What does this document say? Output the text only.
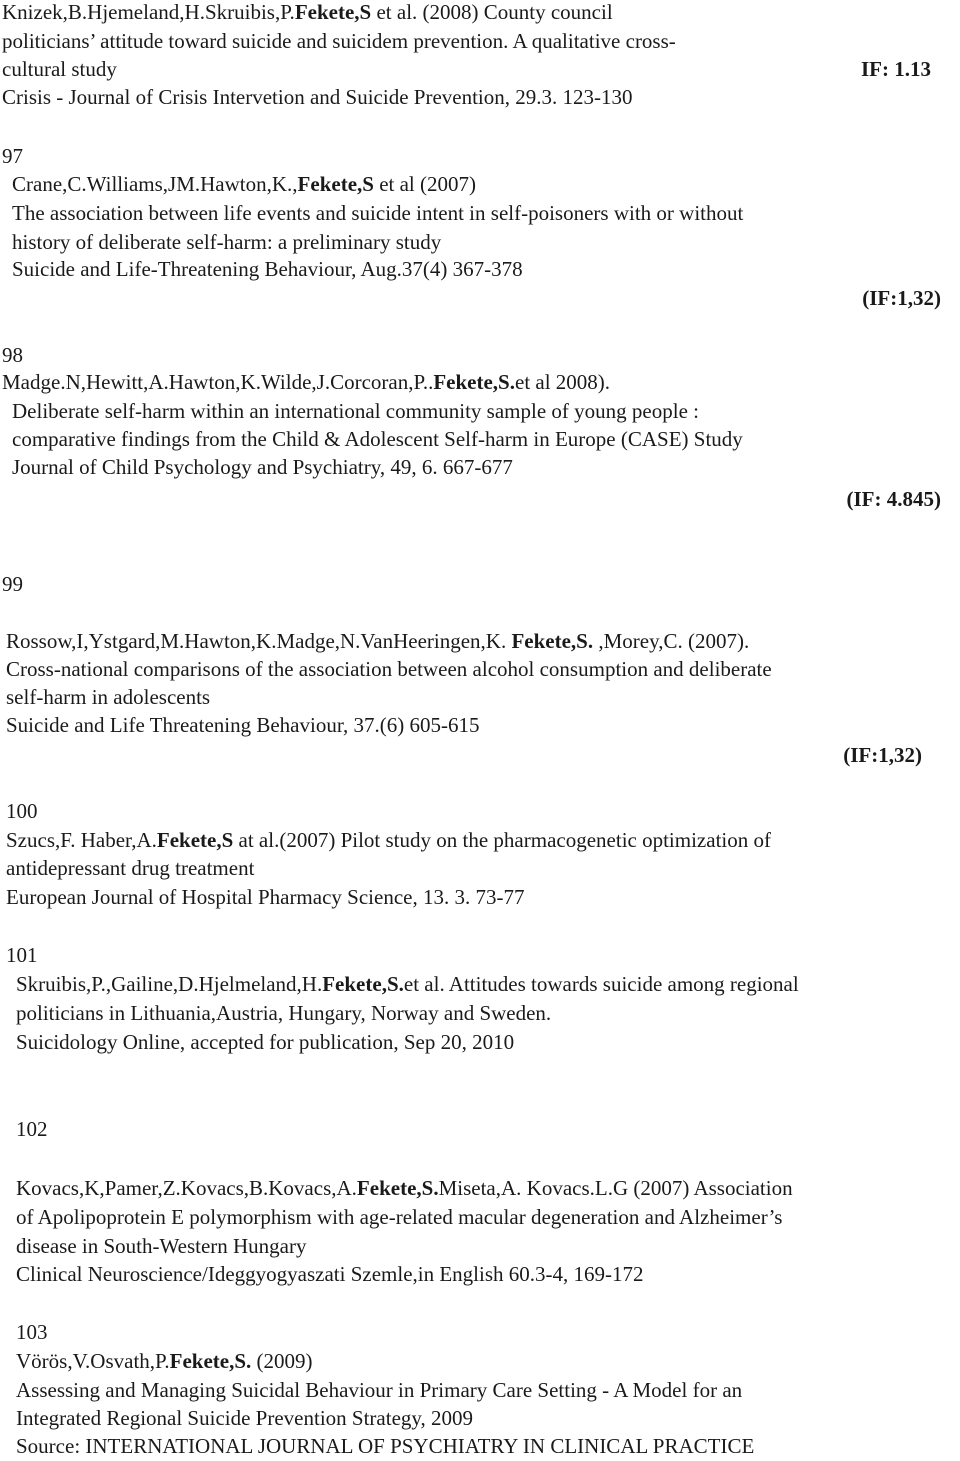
Knizek,B.Hjemeland,H.Skruibis,P.Fekete,S et al. (2008) County council
politicians’ attitude toward suicide and suicidem prevention. A qualitative cross-
cultural study	IF: 1.13
Crisis - Journal of Crisis Intervetion and Suicide Prevention, 29.3. 123-130
97
Crane,C.Williams,JM.Hawton,K.,Fekete,S et al (2007)
The association between life events and suicide intent in self-poisoners with or without
history of deliberate self-harm: a preliminary study
Suicide and Life-Threatening Behaviour, Aug.37(4) 367-378
(IF:1,32)
98
Madge.N,Hewitt,A.Hawton,K.Wilde,J.Corcoran,P..Fekete,S.et al 2008).
Deliberate self-harm within an international community sample of young people :
comparative findings from the Child & Adolescent Self-harm in Europe (CASE) Study
Journal of Child Psychology and Psychiatry, 49, 6. 667-677
(IF: 4.845)
99
Rossow,I,Ystgard,M.Hawton,K.Madge,N.VanHeeringen,K. Fekete,S. ,Morey,C. (2007).
Cross-national comparisons of the association between alcohol consumption and deliberate
self-harm in adolescents
Suicide and Life Threatening Behaviour, 37.(6) 605-615
(IF:1,32)
100
Szucs,F. Haber,A.Fekete,S at al.(2007) Pilot study on the pharmacogenetic optimization of
antidepressant drug treatment
European Journal of Hospital Pharmacy Science, 13. 3. 73-77
101
Skruibis,P.,Gailine,D.Hjelmeland,H.Fekete,S.et al. Attitudes towards suicide among regional
politicians in Lithuania,Austria, Hungary, Norway and Sweden.
Suicidology Online, accepted for publication, Sep 20, 2010
102
Kovacs,K,Pamer,Z.Kovacs,B.Kovacs,A.Fekete,S.Miseta,A. Kovacs.L.G (2007) Association
of Apolipoprotein E polymorphism with age-related macular degeneration and Alzheimer’s
disease in South-Western Hungary
Clinical Neuroscience/Ideggyogyaszati Szemle,in English 60.3-4, 169-172
103
Vörös,V.Osvath,P.Fekete,S. (2009)
Assessing and Managing Suicidal Behaviour in Primary Care Setting - A Model for an
Integrated Regional Suicide Prevention Strategy, 2009
Source: INTERNATIONAL JOURNAL OF PSYCHIATRY IN CLINICAL PRACTICE
